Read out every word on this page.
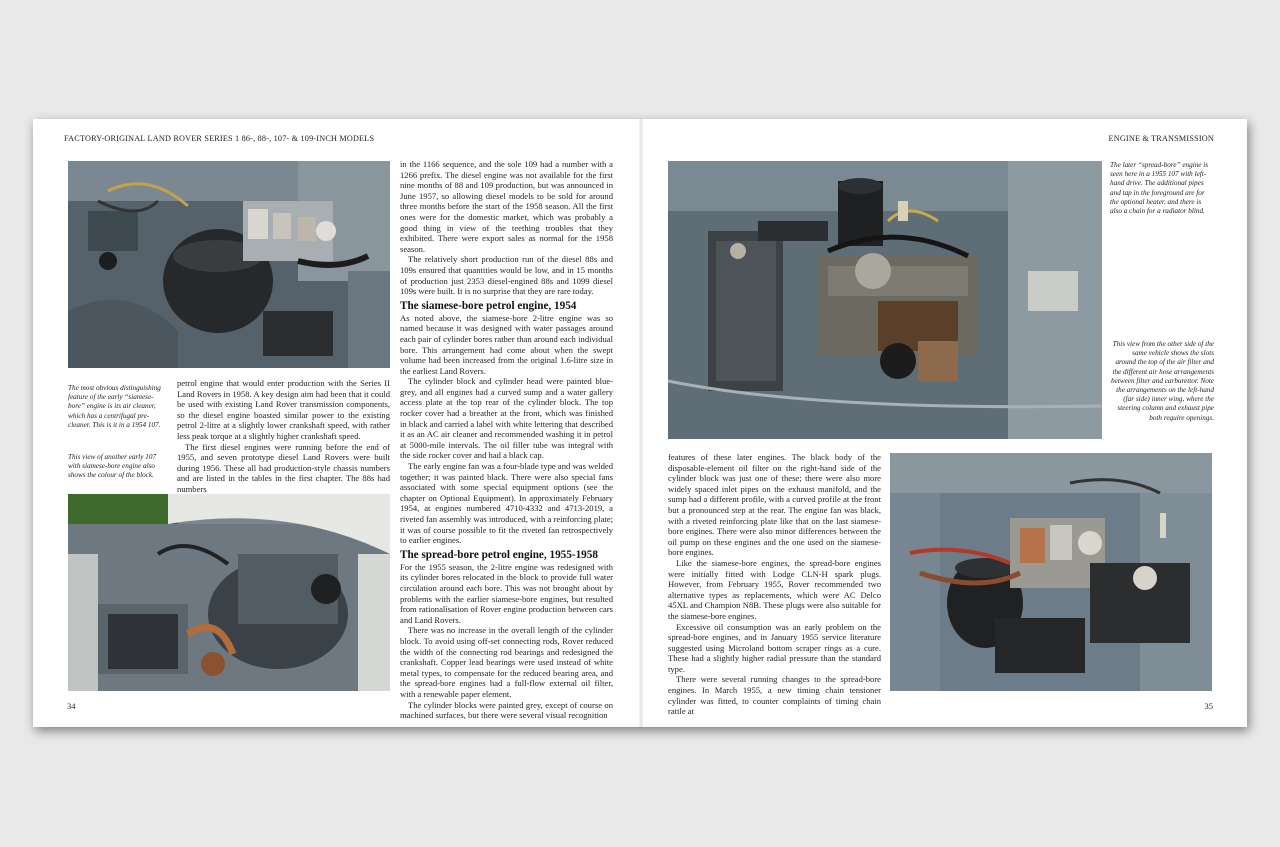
FACTORY-ORIGINAL LAND ROVER SERIES 1 86-, 88-, 107- & 109-INCH MODELS	ENGINE & TRANSMISSION
The most obvious distinguishing feature of the early “siamese-bore” engine is its air cleaner, which has a centrifugal pre-cleaner. This is it in a 1954 107.
This view of another early 107 with siamese-bore engine also shows the colour of the block.

petrol engine that would enter production with the Series II Land Rovers in 1958. A key design aim had been that it could be used with existing Land Rover transmission components, so the diesel engine boasted similar power to the existing petrol 2-litre at a slightly lower crankshaft speed, with rather less peak torque at a slightly higher crankshaft speed.

The first diesel engines were running before the end of 1955, and seven prototype diesel Land Rovers were built during 1956. These all had production-style chassis numbers and are listed in the tables in the first chapter. The 88s had numbers

34

in the 1166 sequence, and the sole 109 had a number with a 1266 prefix. The diesel engine was not available for the first nine months of 88 and 109 production, but was announced in June 1957, so allowing diesel models to be sold for around three months before the start of the 1958 season. All the first ones were for the domestic market, which was probably a good thing in view of the teething troubles that they exhibited. There were export sales as normal for the 1958 season.

The relatively short production run of the diesel 88s and 109s ensured that quantities would be low, and in 15 months of production just 2353 diesel-engined 88s and 1099 diesel 109s were built. It is no surprise that they are rare today.

The siamese-bore petrol engine, 1954

As noted above, the siamese-bore 2-litre engine was so named because it was designed with water passages around each pair of cylinder bores rather than around each individual bore. This arrangement had come about when the swept volume had been increased from the original 1.6-litre size in the earliest Land Rovers.

The cylinder block and cylinder head were painted blue-grey, and all engines had a curved sump and a water gallery access plate at the top rear of the cylinder block. The top rocker cover had a breather at the front, which was finished in black and carried a label with white lettering that described it as an AC air cleaner and recommended washing it in petrol at 5000-mile intervals. The oil filler tube was integral with the side rocker cover and had a black cap.

The early engine fan was a four-blade type and was welded together; it was painted black. There were also special fans associated with some special equipment options (see the chapter on Optional Equipment). In approximately February 1954, at engines numbered 4710-4332 and 4713-2019, a riveted fan assembly was introduced, with a reinforcing plate; it was of course possible to fit the riveted fan retrospectively to earlier engines.

The spread-bore petrol engine, 1955-1958

For the 1955 season, the 2-litre engine was redesigned with its cylinder bores relocated in the block to provide full water circulation around each bore. This was not brought about by problems with the earlier siamese-bore engines, but resulted from rationalisation of Rover engine production between cars and Land Rovers.

There was no increase in the overall length of the cylinder block. To avoid using off-set connecting rods, Rover reduced the width of the connecting rod bearings and redesigned the crankshaft. Copper lead bearings were used instead of white metal types, to compensate for the reduced bearing area, and the spread-bore engines had a full-flow external oil filter, with a renewable paper element.

The cylinder blocks were painted grey, except of course on machined surfaces, but there were several visual recognition

The later “spread-bore” engine is seen here in a 1955 107 with left-hand drive. The additional pipes and tap in the foreground are for the optional heater, and there is also a chain for a radiator blind.
This view from the other side of the same vehicle shows the slots around the top of the air filter and the different air hose arrangements between filter and carburettor. Note the arrangements on the left-hand (far side) inner wing, where the steering column and exhaust pipe both require openings.

features of these later engines. The black body of the disposable-element oil filter on the right-hand side of the cylinder block was just one of these; there were also more widely spaced inlet pipes on the exhaust manifold, and the sump had a different profile, with a curved profile at the front but a pronounced step at the rear. The engine fan was black, with a riveted reinforcing plate like that on the last siamese-bore engines. There were also minor differences between the oil pump on these engines and the one used on the siamese-bore engines.

Like the siamese-bore engines, the spread-bore engines were initially fitted with Lodge CLN-H spark plugs. However, from February 1955, Rover recommended two alternative types as replacements, which were AC Delco 45XL and Champion N8B. These plugs were also suitable for the siamese-bore engines.

Excessive oil consumption was an early problem on the spread-bore engines, and in January 1955 service literature suggested using Microland bottom scraper rings as a cure. These had a slightly higher radial pressure than the standard type.

There were several running changes to the spread-bore engines. In March 1955, a new timing chain tensioner cylinder was fitted, to counter complaints of timing chain rattle at

35
